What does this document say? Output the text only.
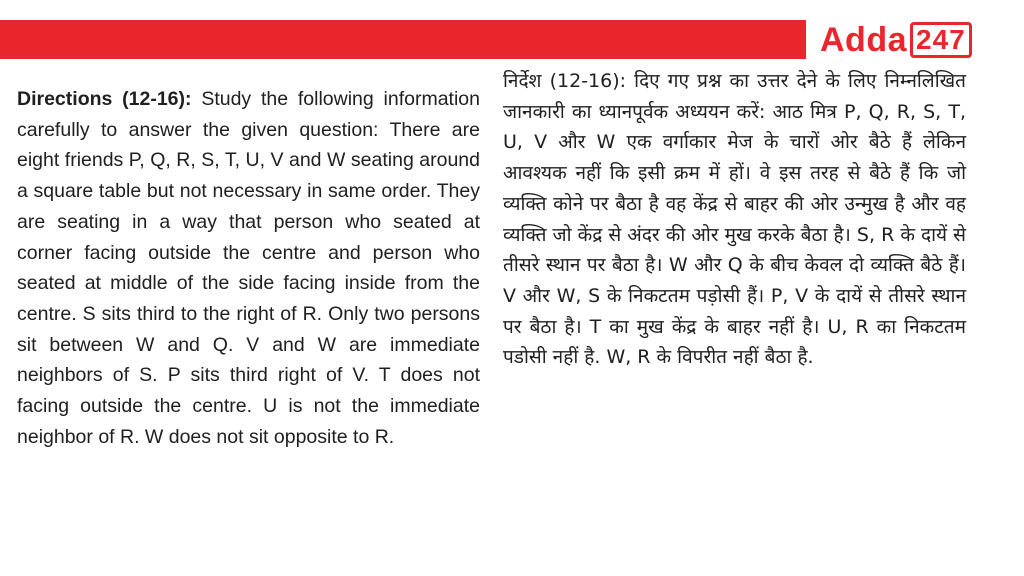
Adda 247
Directions (12-16): Study the following information carefully to answer the given question: There are eight friends P, Q, R, S, T, U, V and W seating around a square table but not necessary in same order. They are seating in a way that person who seated at corner facing outside the centre and person who seated at middle of the side facing inside from the centre. S sits third to the right of R. Only two persons sit between W and Q. V and W are immediate neighbors of S. P sits third right of V. T does not facing outside the centre. U is not the immediate neighbor of R. W does not sit opposite to R.
निर्देश (12-16): दिए गए प्रश्न का उत्तर देने के लिए निम्नलिखित जानकारी का ध्यानपूर्वक अध्ययन करें: आठ मित्र P, Q, R, S, T, U, V और W एक वर्गाकार मेज के चारों ओर बैठे हैं लेकिन आवश्यक नहीं कि इसी क्रम में हों। वे इस तरह से बैठे हैं कि जो व्यक्ति कोने पर बैठा है वह केंद्र से बाहर की ओर उन्मुख है और वह व्यक्ति जो केंद्र से अंदर की ओर मुख करके बैठा है। S, R के दायें से तीसरे स्थान पर बैठा है। W और Q के बीच केवल दो व्यक्ति बैठे हैं। V और W, S के निकटतम पड़ोसी हैं। P, V के दायें से तीसरे स्थान पर बैठा है। T का मुख केंद्र के बाहर नहीं है। U, R का निकटतम पडोसी नहीं है. W, R के विपरीत नहीं बैठा है.
